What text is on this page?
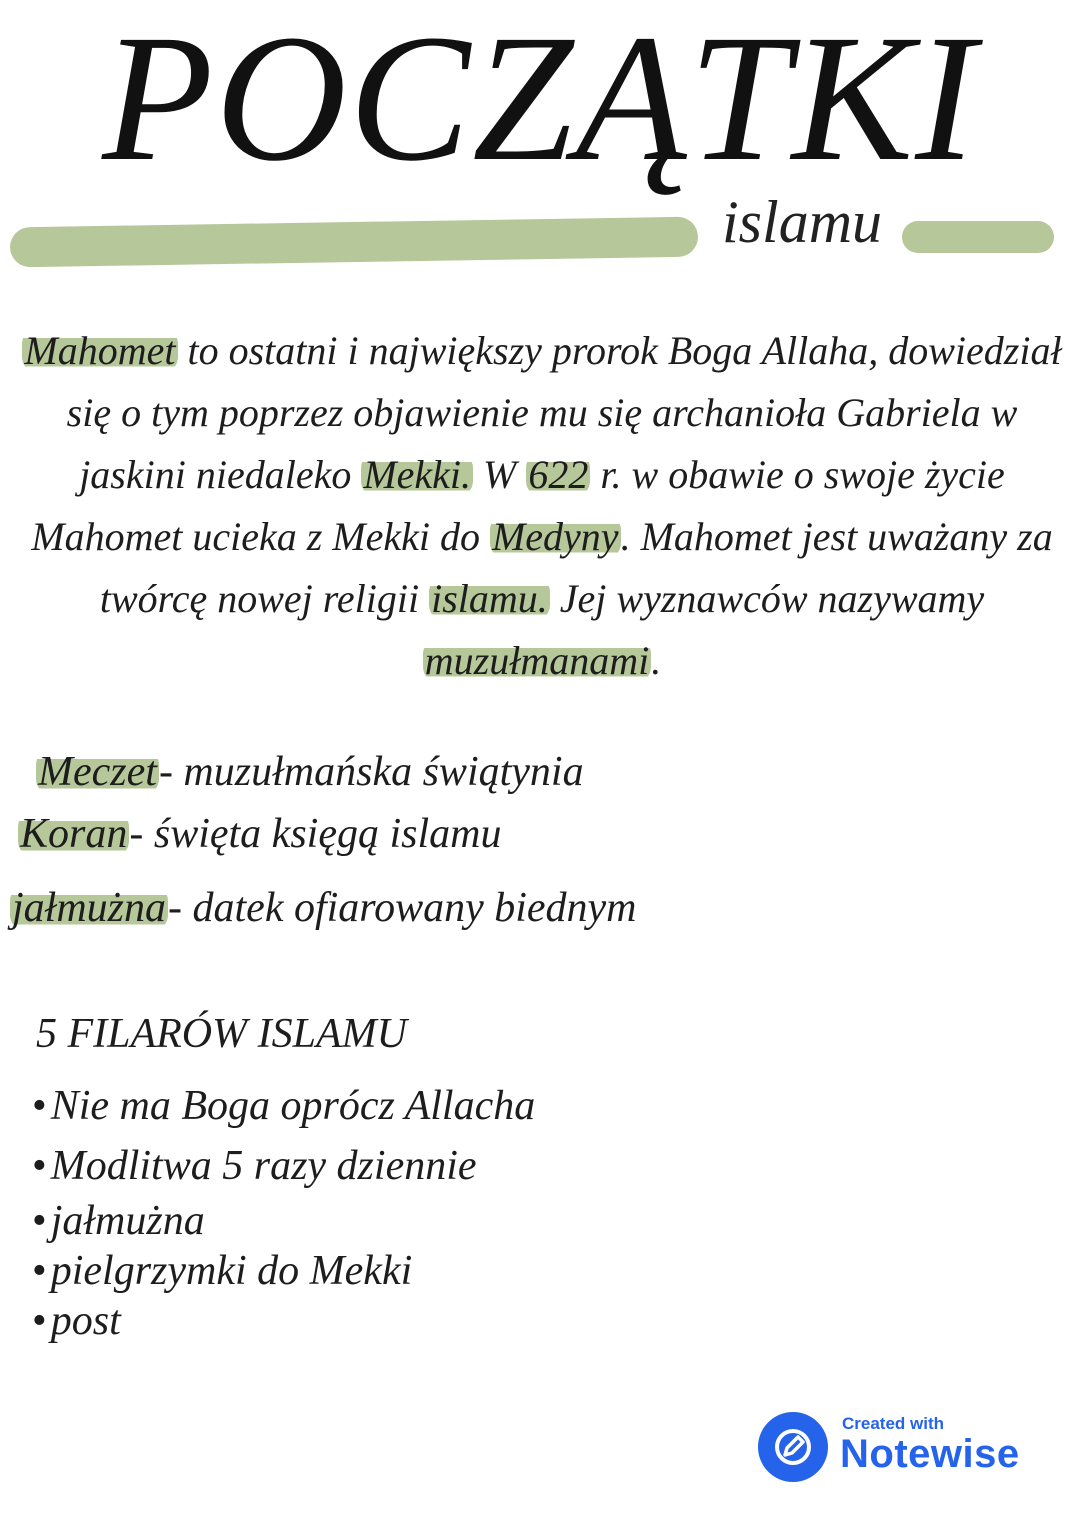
POCZĄTKI
islamu
Mahomet to ostatni i największy prorok Boga Allaha, dowiedział się o tym poprzez objawienie mu się archanioła Gabriela w jaskini niedaleko Mekki. W 622 r. w obawie o swoje życie Mahomet ucieka z Mekki do Medyny. Mahomet jest uważany za twórcę nowej religii islamu. Jej wyznawców nazywamy muzułmanami.
Meczet- muzułmańska świątynia
Koran- święta księgą islamu
jałmużna- datek ofiarowany biednym
5 FILARÓW ISLAMU
•Nie ma Boga oprócz Allacha
•Modlitwa 5 razy dziennie
•jałmużna
•pielgrzymki do Mekki
•post
Created with
Notewise
